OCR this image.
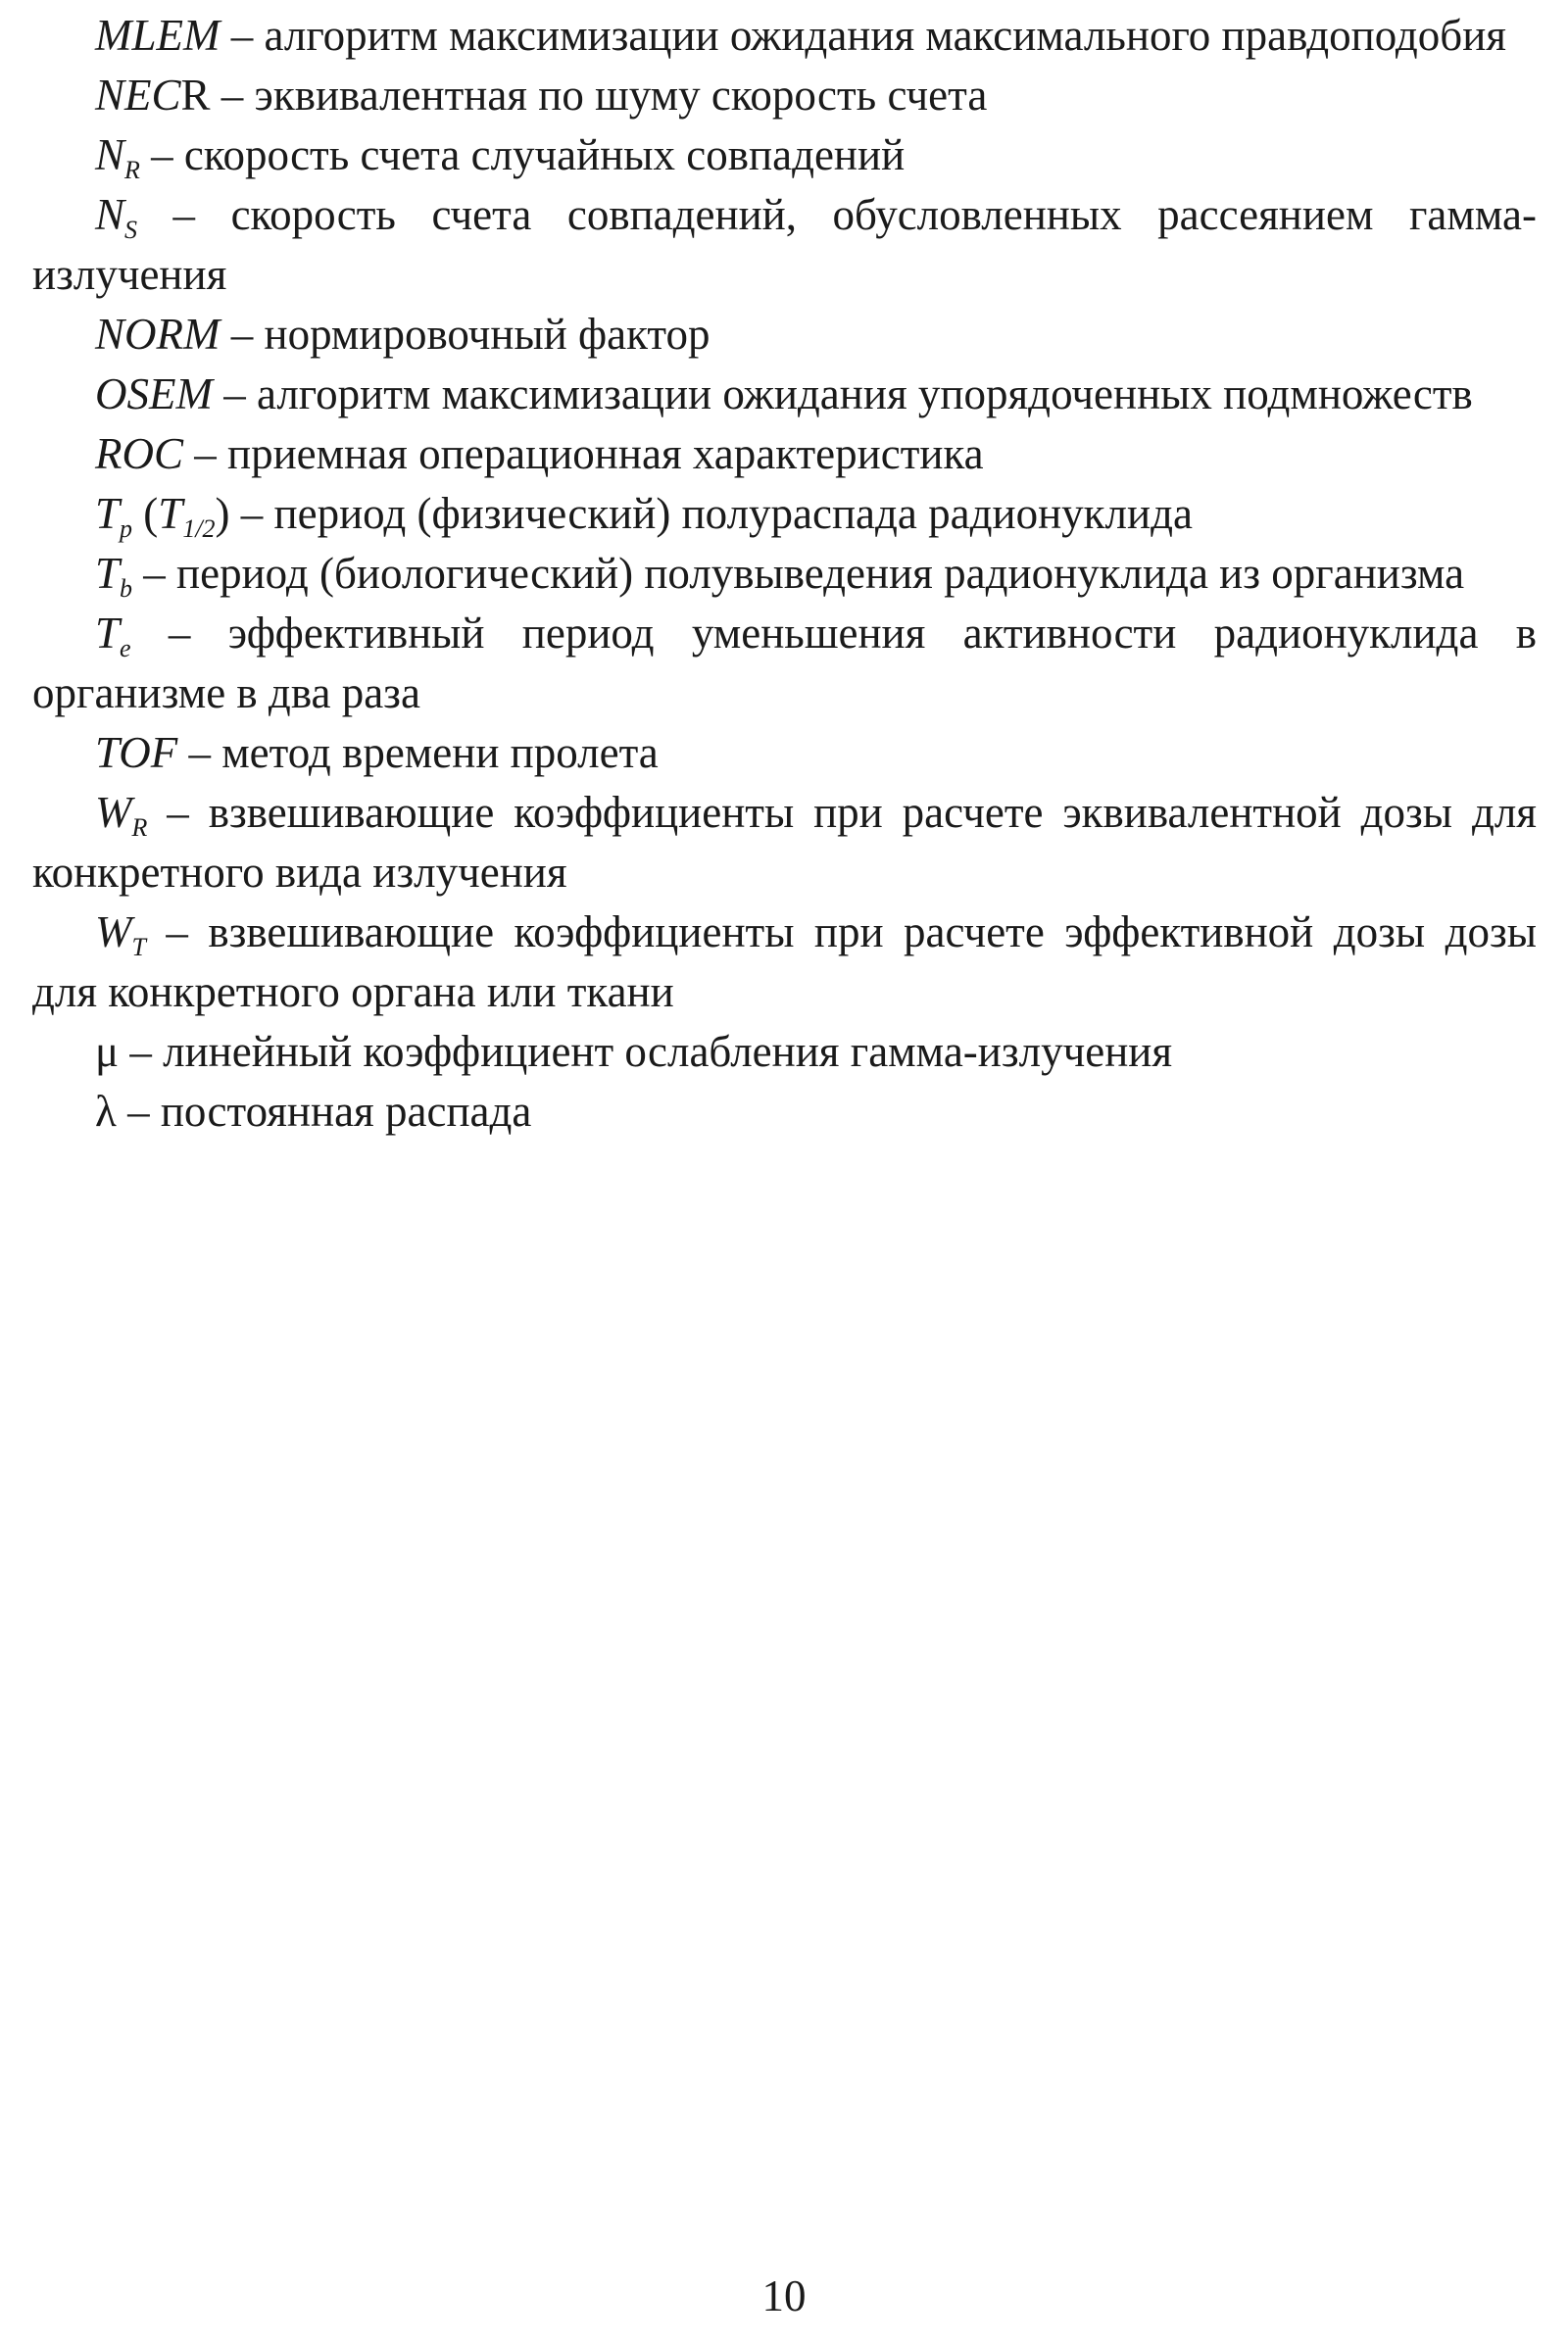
MLEM – алгоритм максимизации ожидания максимального правдоподобия

NECR – эквивалентная по шуму скорость счета

$N_R$ – скорость счета случайных совпадений

$N_S$ – скорость счета совпадений, обусловленных рассеянием гамма-излучения

NORM – нормировочный фактор

OSEM – алгоритм максимизации ожидания упорядоченных подмножеств

ROC – приемная операционная характеристика

$T_p$ $(T_{1/2})$ – период (физический) полураспада радионуклида

$T_b$ – период (биологический) полувыведения радионуклида из организма

$T_e$ – эффективный период уменьшения активности радионуклида в организме в два раза

TOF – метод времени пролета

$W_R$ – взвешивающие коэффициенты при расчете эквивалентной дозы для конкретного вида излучения

$W_T$ – взвешивающие коэффициенты при расчете эффективной дозы дозы для конкретного органа или ткани

μ – линейный коэффициент ослабления гамма-излучения

λ – постоянная распада

10
